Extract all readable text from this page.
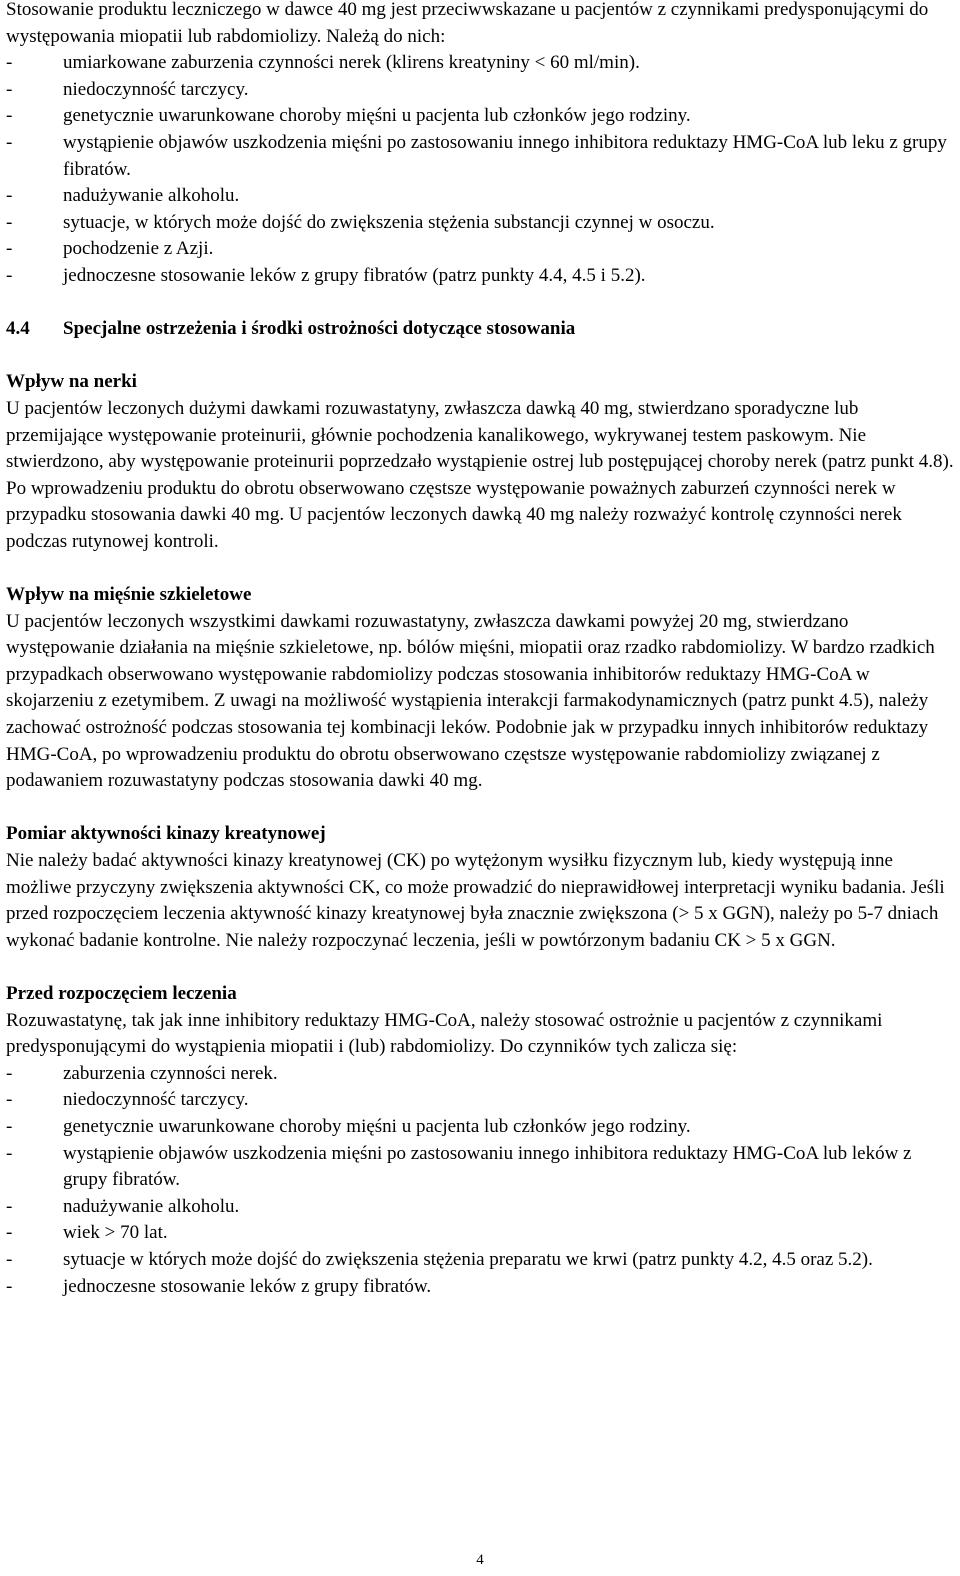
Stosowanie produktu leczniczego w dawce 40 mg jest przeciwwskazane u pacjentów z czynnikami predysponującymi do występowania miopatii lub rabdomiolizy. Należą do nich:

-	umiarkowane zaburzenia czynności nerek (klirens kreatyniny < 60 ml/min).
-	niedoczynność tarczycy.
-	genetycznie uwarunkowane choroby mięśni u pacjenta lub członków jego rodziny.
-	wystąpienie objawów uszkodzenia mięśni po zastosowaniu innego inhibitora reduktazy HMG-CoA lub leku z grupy fibratów.
-	nadużywanie alkoholu.
-	sytuacje, w których może dojść do zwiększenia stężenia substancji czynnej w osoczu.
-	pochodzenie z Azji.
-	jednoczesne stosowanie leków z grupy fibratów (patrz punkty 4.4, 4.5 i 5.2).
4.4	Specjalne ostrzeżenia i środki ostrożności dotyczące stosowania

Wpływ na nerki

U pacjentów leczonych dużymi dawkami rozuwastatyny, zwłaszcza dawką 40 mg, stwierdzano sporadyczne lub przemijające występowanie proteinurii, głównie pochodzenia kanalikowego, wykrywanej testem paskowym. Nie stwierdzono, aby występowanie proteinurii poprzedzało wystąpienie ostrej lub postępującej choroby nerek (patrz punkt 4.8). Po wprowadzeniu produktu do obrotu obserwowano częstsze występowanie poważnych zaburzeń czynności nerek w przypadku stosowania dawki 40 mg. U pacjentów leczonych dawką 40 mg należy rozważyć kontrolę czynności nerek podczas rutynowej kontroli.

Wpływ na mięśnie szkieletowe

U pacjentów leczonych wszystkimi dawkami rozuwastatyny, zwłaszcza dawkami powyżej 20 mg, stwierdzano występowanie działania na mięśnie szkieletowe, np. bólów mięśni, miopatii oraz rzadko rabdomiolizy. W bardzo rzadkich przypadkach obserwowano występowanie rabdomiolizy podczas stosowania inhibitorów reduktazy HMG-CoA w skojarzeniu z ezetymibem. Z uwagi na możliwość wystąpienia interakcji farmakodynamicznych (patrz punkt 4.5), należy zachować ostrożność podczas stosowania tej kombinacji leków. Podobnie jak w przypadku innych inhibitorów reduktazy HMG-CoA, po wprowadzeniu produktu do obrotu obserwowano częstsze występowanie rabdomiolizy związanej z podawaniem rozuwastatyny podczas stosowania dawki 40 mg.

Pomiar aktywności kinazy kreatynowej

Nie należy badać aktywności kinazy kreatynowej (CK) po wytężonym wysiłku fizycznym lub, kiedy występują inne możliwe przyczyny zwiększenia aktywności CK, co może prowadzić do nieprawidłowej interpretacji wyniku badania. Jeśli przed rozpoczęciem leczenia aktywność kinazy kreatynowej była znacznie zwiększona (> 5 x GGN), należy po 5-7 dniach wykonać badanie kontrolne. Nie należy rozpoczynać leczenia, jeśli w powtórzonym badaniu CK > 5 x GGN.

Przed rozpoczęciem leczenia

Rozuwastatynę, tak jak inne inhibitory reduktazy HMG-CoA, należy stosować ostrożnie u pacjentów z czynnikami predysponującymi do wystąpienia miopatii i (lub) rabdomiolizy. Do czynników tych zalicza się:

-	zaburzenia czynności nerek.
-	niedoczynność tarczycy.
-	genetycznie uwarunkowane choroby mięśni u pacjenta lub członków jego rodziny.
-	wystąpienie objawów uszkodzenia mięśni po zastosowaniu innego inhibitora reduktazy HMG-CoA lub leków z grupy fibratów.
-	nadużywanie alkoholu.
-	wiek > 70 lat.
-	sytuacje w których może dojść do zwiększenia stężenia preparatu we krwi (patrz punkty 4.2, 4.5 oraz 5.2).
-	jednoczesne stosowanie leków z grupy fibratów.
4
